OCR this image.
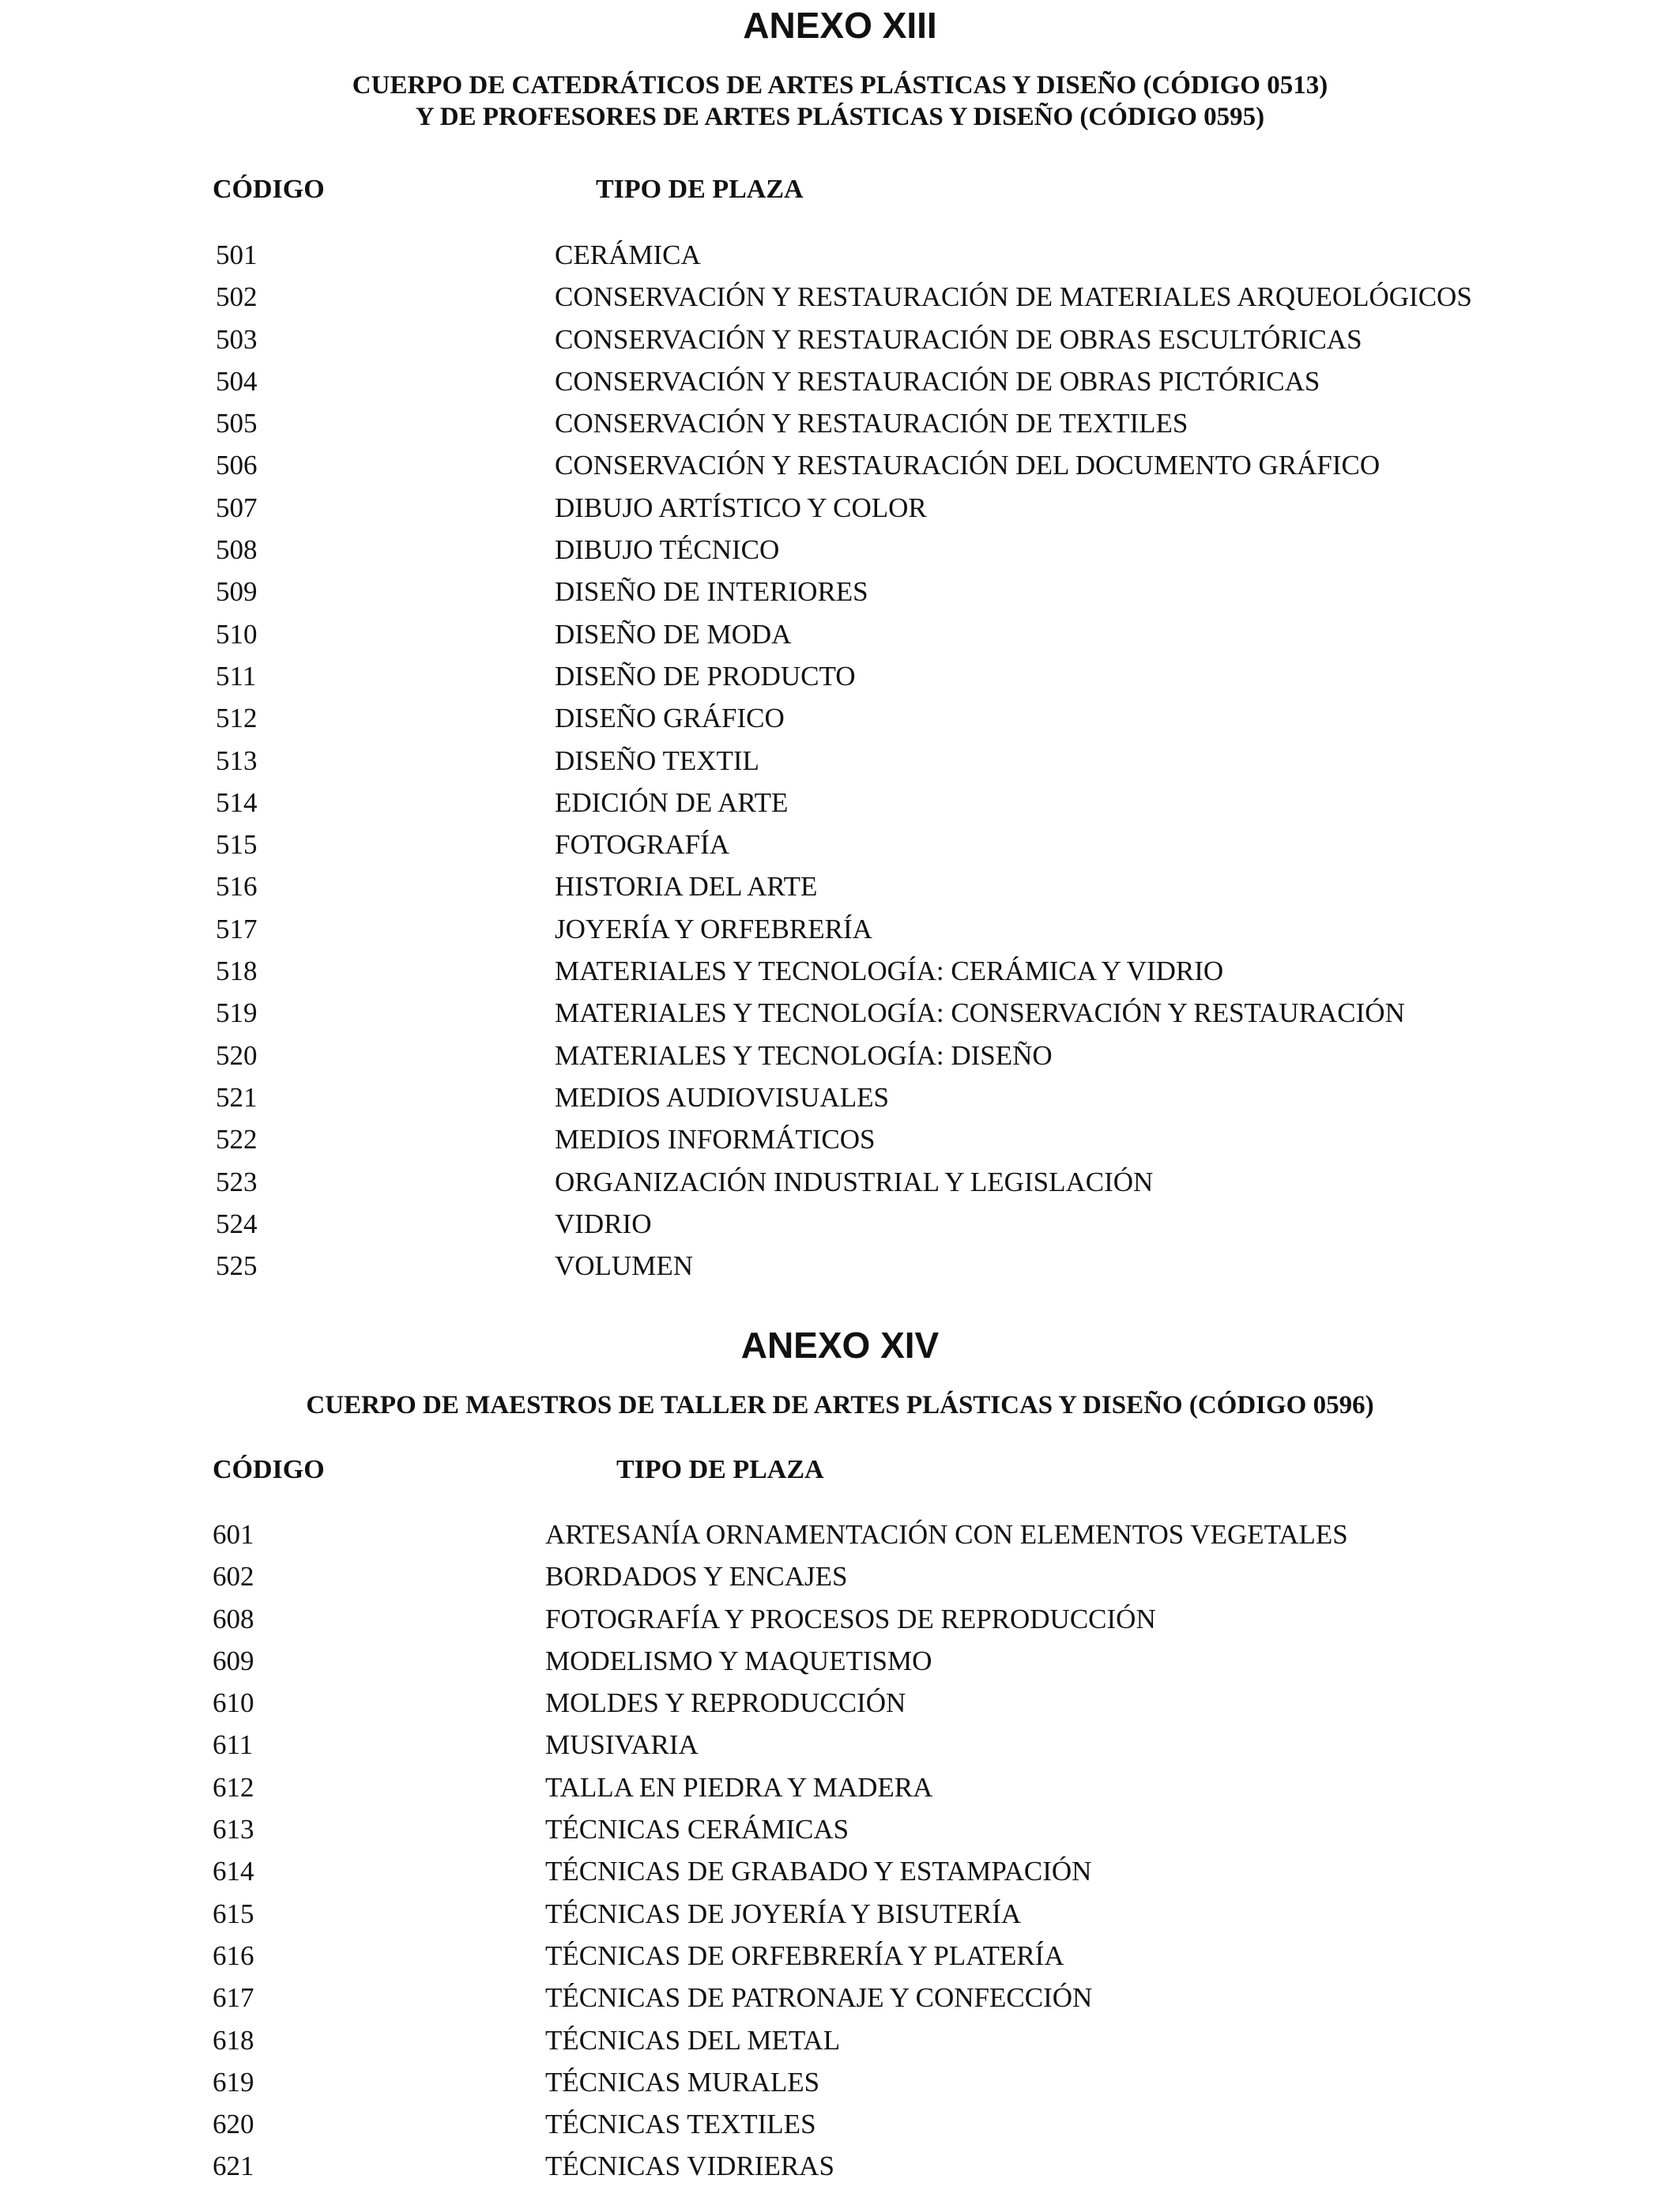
ANEXO XIII

CUERPO DE CATEDRÁTICOS DE ARTES PLÁSTICAS Y DISEÑO (CÓDIGO 0513)

Y DE PROFESORES DE ARTES PLÁSTICAS Y DISEÑO (CÓDIGO 0595)

CÓDIGO	TIPO DE PLAZA
501	CERÁMICA
502	CONSERVACIÓN Y RESTAURACIÓN DE MATERIALES ARQUEOLÓGICOS
503	CONSERVACIÓN Y RESTAURACIÓN DE OBRAS ESCULTÓRICAS
504	CONSERVACIÓN Y RESTAURACIÓN DE OBRAS PICTÓRICAS
505	CONSERVACIÓN Y RESTAURACIÓN DE TEXTILES
506	CONSERVACIÓN Y RESTAURACIÓN DEL DOCUMENTO GRÁFICO
507	DIBUJO ARTÍSTICO Y COLOR
508	DIBUJO TÉCNICO
509	DISEÑO DE INTERIORES
510	DISEÑO DE MODA
511	DISEÑO DE PRODUCTO
512	DISEÑO GRÁFICO
513	DISEÑO TEXTIL
514	EDICIÓN DE ARTE
515	FOTOGRAFÍA
516	HISTORIA DEL ARTE
517	JOYERÍA Y ORFEBRERÍA
518	MATERIALES Y TECNOLOGÍA: CERÁMICA Y VIDRIO
519	MATERIALES Y TECNOLOGÍA: CONSERVACIÓN Y RESTAURACIÓN
520	MATERIALES Y TECNOLOGÍA: DISEÑO
521	MEDIOS AUDIOVISUALES
522	MEDIOS INFORMÁTICOS
523	ORGANIZACIÓN INDUSTRIAL Y LEGISLACIÓN
524	VIDRIO
525	VOLUMEN
ANEXO XIV

CUERPO DE MAESTROS DE TALLER DE ARTES PLÁSTICAS Y DISEÑO (CÓDIGO 0596)

CÓDIGO	TIPO DE PLAZA
601	ARTESANÍA ORNAMENTACIÓN CON ELEMENTOS VEGETALES
602	BORDADOS Y ENCAJES
608	FOTOGRAFÍA Y PROCESOS DE REPRODUCCIÓN
609	MODELISMO Y MAQUETISMO
610	MOLDES Y REPRODUCCIÓN
611	MUSIVARIA
612	TALLA EN PIEDRA Y MADERA
613	TÉCNICAS CERÁMICAS
614	TÉCNICAS DE GRABADO Y ESTAMPACIÓN
615	TÉCNICAS DE JOYERÍA Y BISUTERÍA
616	TÉCNICAS DE ORFEBRERÍA Y PLATERÍA
617	TÉCNICAS DE PATRONAJE Y CONFECCIÓN
618	TÉCNICAS DEL METAL
619	TÉCNICAS MURALES
620	TÉCNICAS TEXTILES
621	TÉCNICAS VIDRIERAS
